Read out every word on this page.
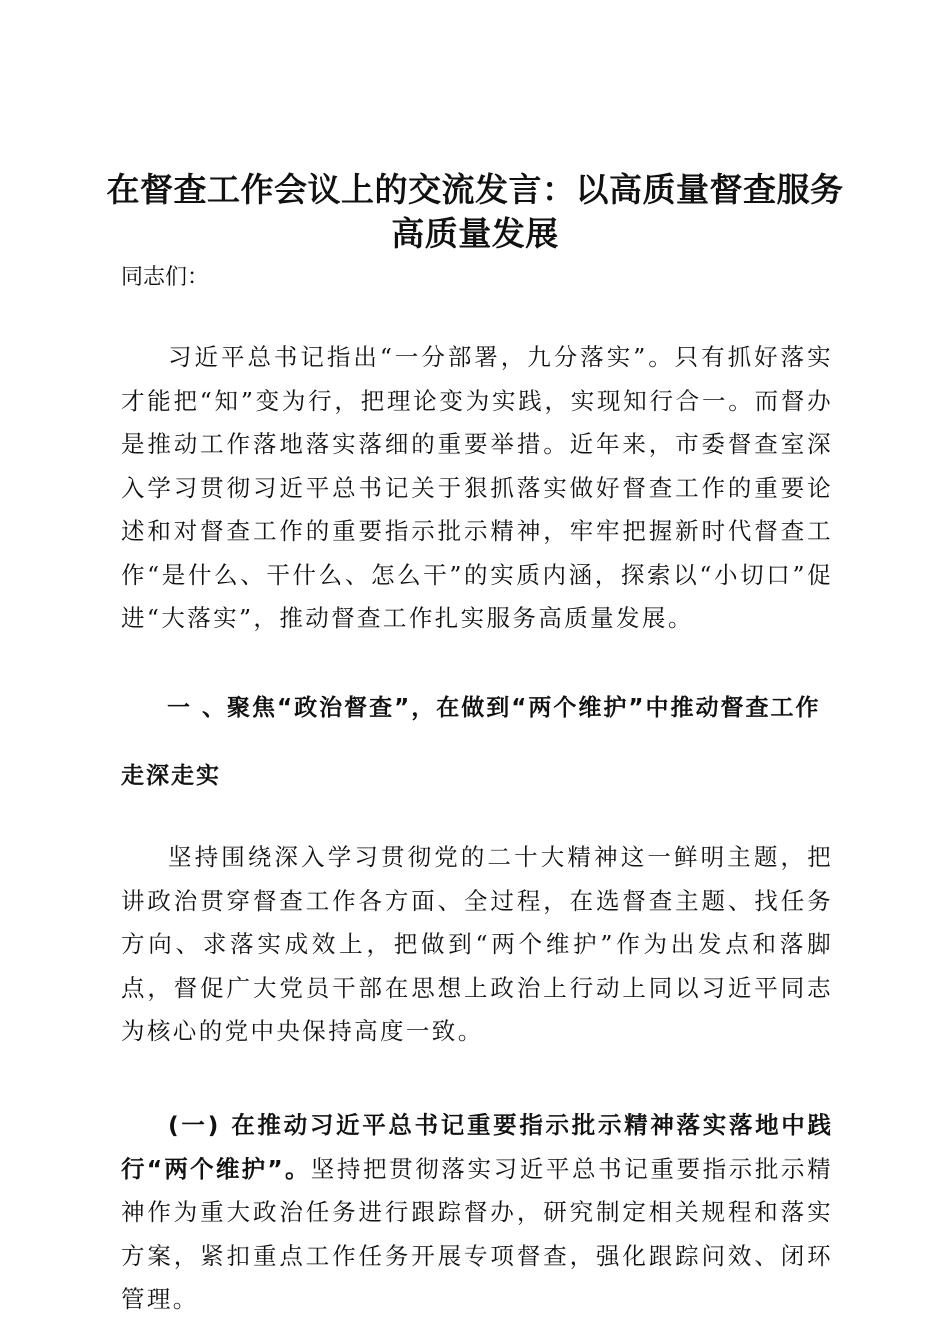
在督查工作会议上的交流发言：以高质量督查服务高质量发展

同志们：

习近平总书记指出“一分部署，九分落实”。只有抓好落实才能把“知”变为行，把理论变为实践，实现知行合一。而督办是推动工作落地落实落细的重要举措。近年来，市委督查室深入学习贯彻习近平总书记关于狠抓落实做好督查工作的重要论述和对督查工作的重要指示批示精神，牢牢把握新时代督查工作“是什么、干什么、怎么干”的实质内涵，探索以“小切口”促进“大落实”，推动督查工作扎实服务高质量发展。

一 、聚焦“政治督查”，在做到“两个维护”中推动督查工作走深走实

坚持围绕深入学习贯彻党的二十大精神这一鲜明主题，把讲政治贯穿督查工作各方面、全过程，在选督查主题、找任务方向、求落实成效上，把做到“两个维护”作为出发点和落脚点，督促广大党员干部在思想上政治上行动上同以习近平同志为核心的党中央保持高度一致。

(一) 在推动习近平总书记重要指示批示精神落实落地中践行“两个维护”。坚持把贯彻落实习近平总书记重要指示批示精神作为重大政治任务进行跟踪督办，研究制定相关规程和落实方案，紧扣重点工作任务开展专项督查，强化跟踪问效、闭环管理。
